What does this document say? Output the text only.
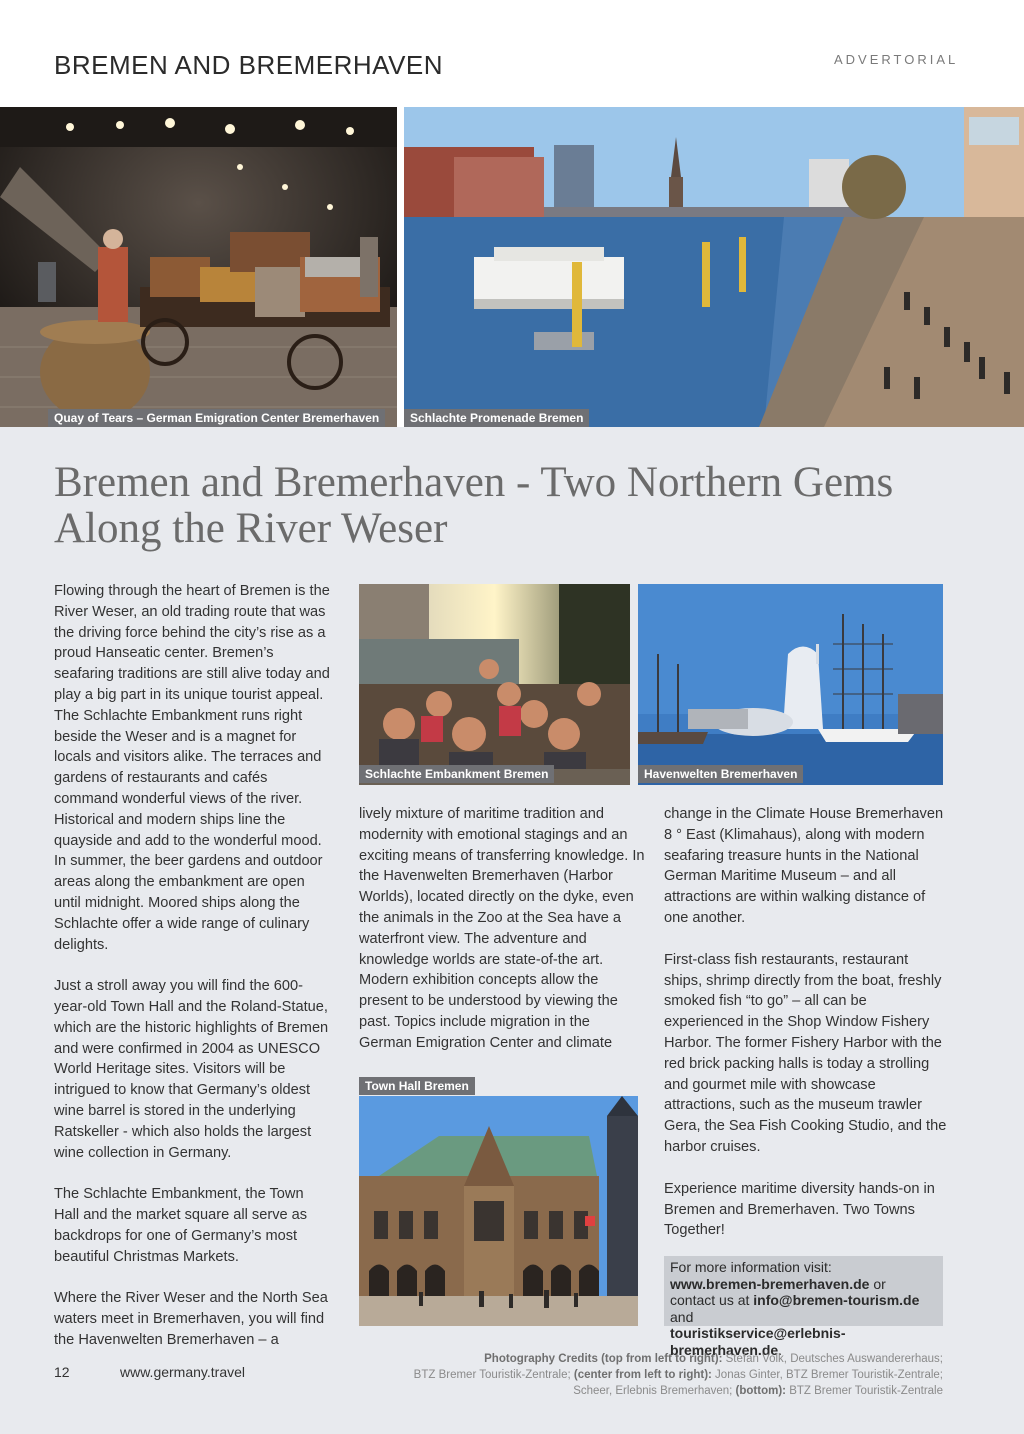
BREMEN AND BREMERHAVEN	ADVERTORIAL
Quay of Tears – German Emigration Center Bremerhaven	Schlachte Promenade Bremen
Bremen and Bremerhaven - Two Northern Gems Along the River Weser

Flowing through the heart of Bremen is the River Weser, an old trading route that was the driving force behind the city’s rise as a proud Hanseatic center. Bremen’s seafaring traditions are still alive today and play a big part in its unique tourist appeal. The Schlachte Embankment runs right beside the Weser and is a magnet for locals and visitors alike. The terraces and gardens of restaurants and cafés command wonderful views of the river. Historical and modern ships line the quayside and add to the wonderful mood. In summer, the beer gardens and outdoor areas along the embankment are open until midnight. Moored ships along the Schlachte offer a wide range of culinary delights.

Just a stroll away you will find the 600-year-old Town Hall and the Roland-Statue, which are the historic highlights of Bremen and were confirmed in 2004 as UNESCO World Heritage sites. Visitors will be intrigued to know that Germany’s oldest wine barrel is stored in the underlying Ratskeller - which also holds the largest wine collection in Germany.

The Schlachte Embankment, the Town Hall and the market square all serve as backdrops for one of Germany’s most beautiful Christmas Markets.

Where the River Weser and the North Sea waters meet in Bremerhaven, you will find the Havenwelten Bremerhaven – a

Schlachte Embankment Bremen	Havenwelten Bremerhaven

lively mixture of maritime tradition and modernity with emotional stagings and an exciting means of transferring knowledge. In the Havenwelten Bremerhaven (Harbor Worlds), located directly on the dyke, even the animals in the Zoo at the Sea have a waterfront view. The adventure and knowledge worlds are state-of-the art. Modern exhibition concepts allow the present to be understood by viewing the past. Topics include migration in the German Emigration Center and climate

Town Hall Bremen

change in the Climate House Bremerhaven 8 ° East (Klimahaus), along with modern seafaring treasure hunts in the National German Maritime Museum – and all attractions are within walking distance of one another.

First-class fish restaurants, restaurant ships, shrimp directly from the boat, freshly smoked fish “to go” – all can be experienced in the Shop Window Fishery Harbor. The former Fishery Harbor with the red brick packing halls is today a strolling and gourmet mile with showcase attractions, such as the museum trawler Gera, the Sea Fish Cooking Studio, and the harbor cruises.

Experience maritime diversity hands-on in Bremen and Bremerhaven. Two Towns Together!

For more information visit:
www.bremen-bremerhaven.de or
contact us at info@bremen-tourism.de and
touristikservice@erlebnis-bremerhaven.de.
12	www.germany.travel
Photography Credits (top from left to right): Stefan Volk, Deutsches Auswandererhaus;
BTZ Bremer Touristik-Zentrale; (center from left to right): Jonas Ginter, BTZ Bremer Touristik-Zentrale;
Scheer, Erlebnis Bremerhaven; (bottom): BTZ Bremer Touristik-Zentrale
